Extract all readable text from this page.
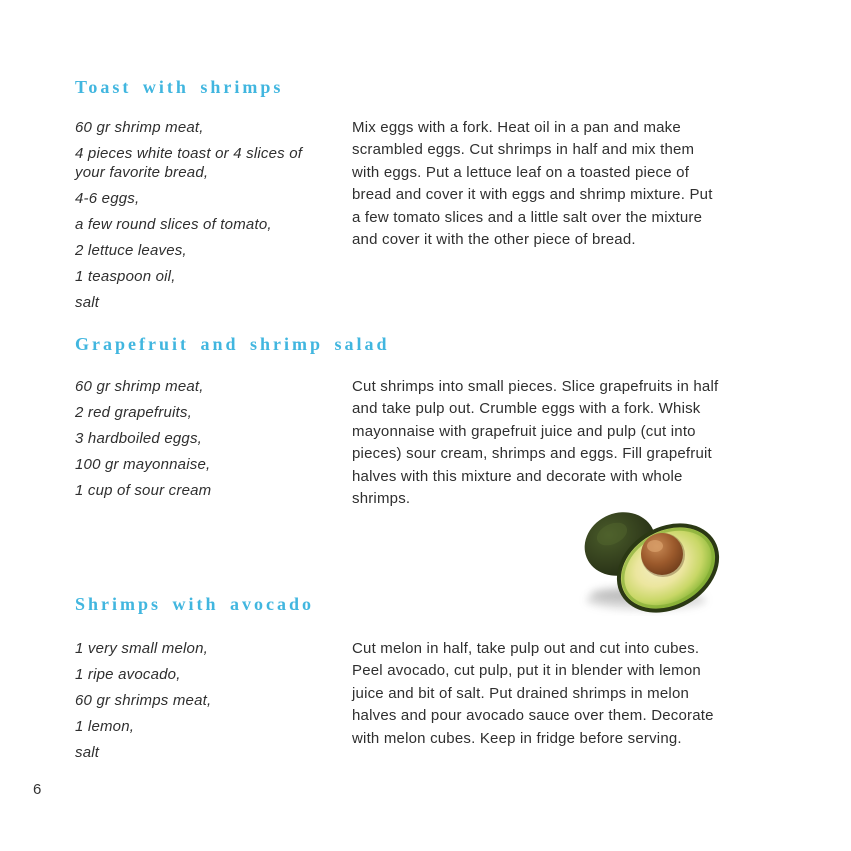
Toast with shrimps
60 gr shrimp meat,
4 pieces white toast or 4 slices of your favorite bread,
4-6 eggs,
a few round slices of tomato,
2 lettuce leaves,
1 teaspoon oil,
salt
Mix eggs with a fork. Heat oil in a pan and make
scrambled eggs. Cut shrimps in half and mix them
with eggs. Put a lettuce leaf on a toasted piece of
bread and cover it with eggs and shrimp mixture. Put
a few tomato slices and a little salt over the mixture
and cover it with the other piece of bread.
Grapefruit and shrimp salad
60 gr shrimp meat,
2 red grapefruits,
3 hardboiled eggs,
100 gr mayonnaise,
1 cup of sour cream
Cut shrimps into small pieces. Slice grapefruits in half
and take pulp out. Crumble eggs with a fork. Whisk
mayonnaise with grapefruit juice and pulp (cut into
pieces) sour cream, shrimps and eggs. Fill grapefruit
halves with this mixture and decorate with whole
shrimps.
Shrimps with avocado
1 very small melon,
1 ripe avocado,
60 gr shrimps meat,
1 lemon,
salt
Cut melon in half, take pulp out and cut into cubes.
Peel avocado, cut pulp, put it in blender with lemon
juice and bit of salt. Put drained shrimps in melon
halves and pour avocado sauce over them. Decorate
with melon cubes. Keep in fridge before serving.
6
